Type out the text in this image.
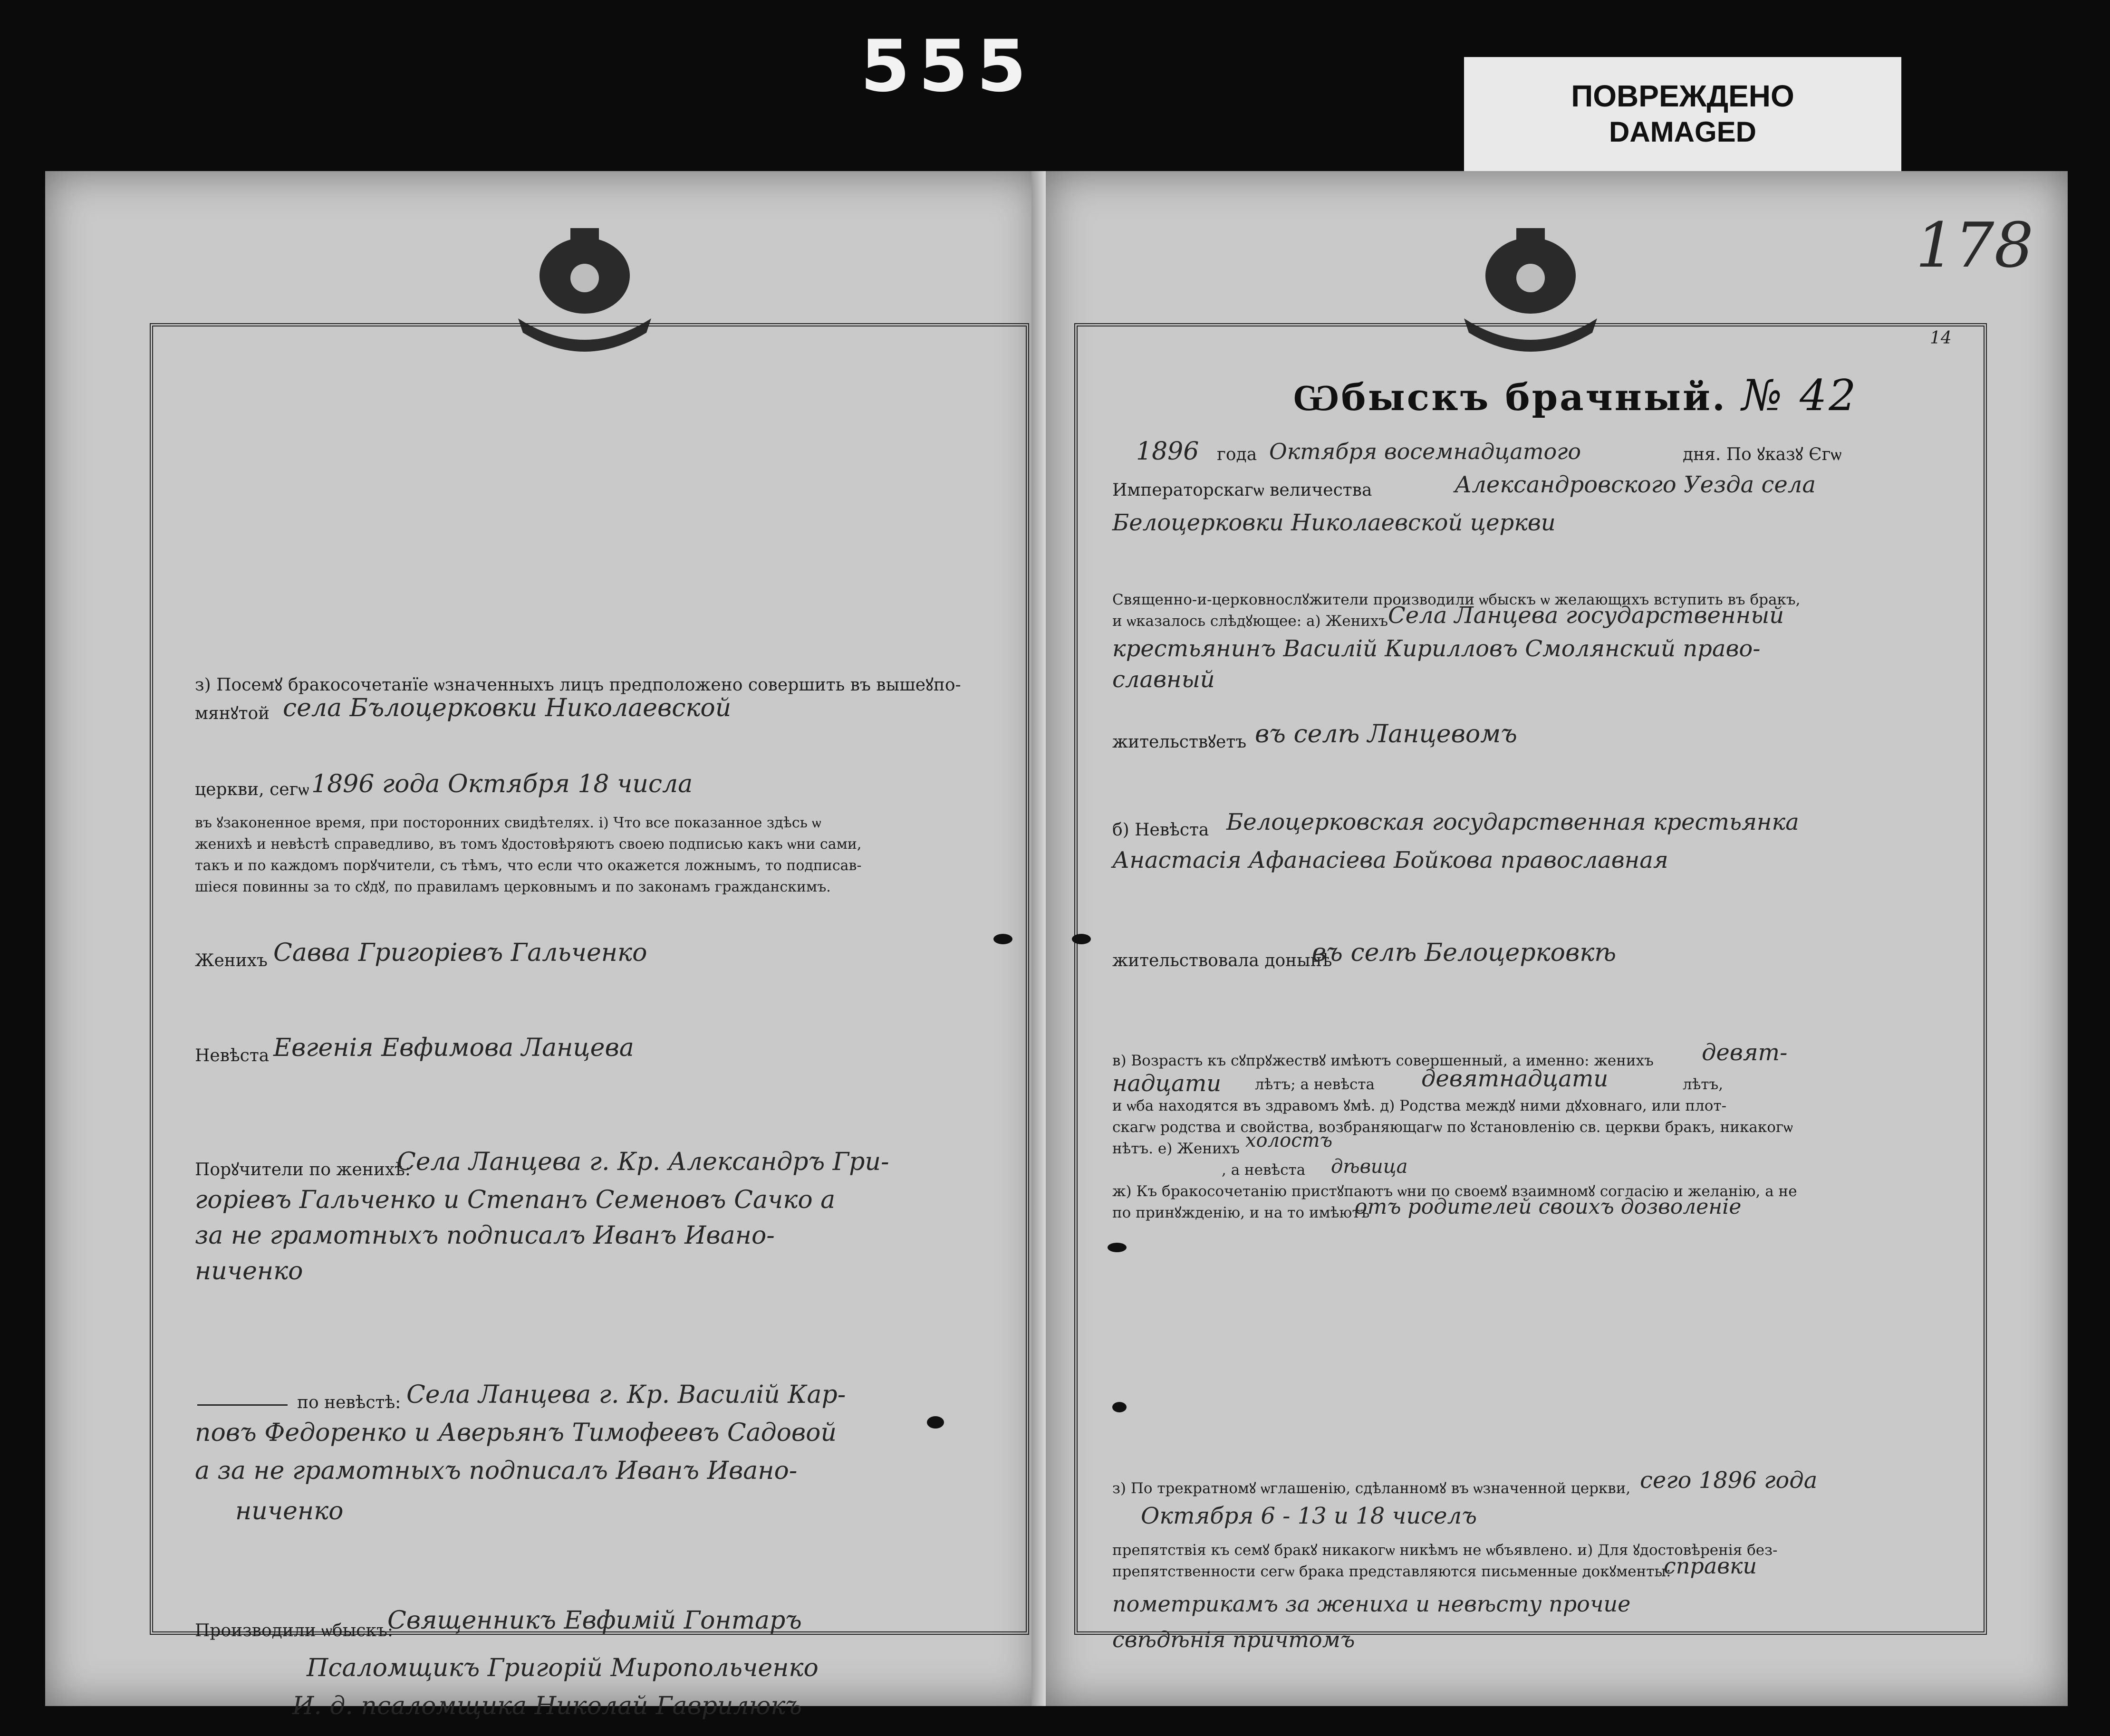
555	ПОВРЕЖДЕНО
DAMAGED
з) Посемꙋ бракосочетанїе ѡзначенныхъ лицъ предположено совершить въ вышеꙋпо-
мянꙋтой села Бълоцерковки Николаевской
церкви, сегѡ 1896 года Октября 18 числа
въ ꙋзаконенное время, при посторонних свидѣтелях. і) Что все показанное здѣсь ѡ
женихѣ и невѣстѣ справедливо, въ томъ ꙋдостовѣряютъ своею подписью какъ ѡни сами,
такъ и по каждомъ порꙋчители, съ тѣмъ, что если что окажется ложнымъ, то подписав-
шiеся повинны за то сꙋдꙋ, по правиламъ церковнымъ и по законамъ гражданскимъ.
Женихъ Савва Григорiевъ Гальченко
Невѣста Евгенiя Евфимова Ланцева
Порꙋчители по женихѣ:
Села Ланцева г. Кр. Александръ Гри-
горiевъ Гальченко и Степанъ Семеновъ Сачко а
за не грамотныхъ подписалъ Иванъ Ивано-
ниченко
по невѣстѣ: Села Ланцева г. Кр. Василiй Кар-
повъ Федоренко и Аверьянъ Тимофеевъ Садовой
а за не грамотныхъ подписалъ Иванъ Ивано-
ниченко
Производили ѡбыскъ:
Священникъ Евфимiй Гонтаръ
Псаломщикъ Григорiй Миропольченко
И. д. псаломщика Николай Гаврилюкъ
178
14
Ѡбыскъ брачный. № 42
1896 года Октября восемнадцатого	дня. По ꙋказꙋ Єгѡ
Императорскагѡ величества	Александровского Уезда села
Белоцерковки Николаевской церкви
Священно-и-церковнослꙋжители производили ѡбыскъ ѡ желающихъ вступить въ бракъ,
и ѡказалось слѣдꙋющее: а) Женихъ Села Ланцева государственный
крестьянинъ Василiй Кирилловъ Смолянский право-
славный
жительствꙋетъ въ селѣ Ланцевомъ
б) Невѣста Белоцерковская государственная крестьянка
Анастасiя Афанасiева Бойкова православная
жительствовала донынѣ
въ селѣ Белоцерковкѣ
в) Возрастъ къ сꙋпрꙋжествꙋ имѣютъ совершенный, а именно: женихъ девят-
надцати лѣтъ; а невѣста девятнадцати	лѣтъ,
и ѡба находятся въ здравомъ ꙋмѣ. д) Родства междꙋ ними дꙋховнаго, или плот-
скагѡ родства и свойства, возбраняющагѡ по ꙋстановленiю св. церкви бракъ, никакогѡ
нѣтъ. е) Женихъ холостъ
, а невѣста дѣвица
ж) Къ бракосочетанiю пристꙋпаютъ ѡни по своемꙋ взаимномꙋ согласiю и желанiю, а не
по принꙋжденiю, и на то имѣютъ
отъ родителей своихъ дозволенiе
з) По трекратномꙋ ѡглашенiю, сдѣланномꙋ въ ѡзначенной церкви, сего 1896 года
Октября 6 - 13 и 18 чиселъ
препятствiя къ семꙋ бракꙋ никакогѡ никѣмъ не ѡбъявлено. и) Для ꙋдостовѣренiя без-
препятственности сегѡ брака представляются письменные докꙋменты:
справки
пометрикамъ за жениха и невѣсту прочие
свѣдѣнiя причтомъ
